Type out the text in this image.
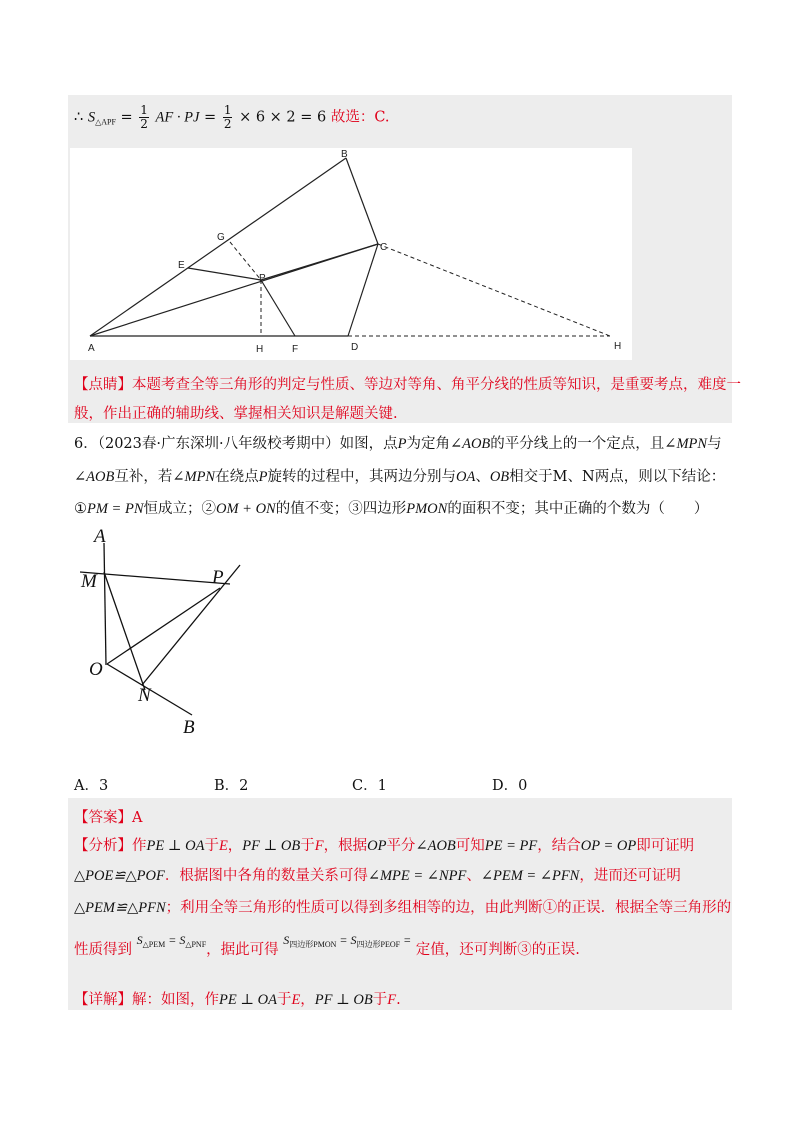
∴ $S_{\triangle APF} = \frac{1}{2}$ AF · PJ = $\frac{1}{2} \times 6 \times 2 = 6$ 故选：C.
A
B
C
D
E
F
G
H	H
P
【点睛】本题考查全等三角形的判定与性质、等边对等角、角平分线的性质等知识，是重要考点，难度一
般，作出正确的辅助线、掌握相关知识是解题关键.
6．（2023春·广东深圳·八年级校考期中）如图，点P为定角∠AOB的平分线上的一个定点，且∠MPN与
∠AOB互补，若∠MPN在绕点P旋转的过程中，其两边分别与OA、OB相交于M、N两点，则以下结论：
①PM = PN恒成立；②OM + ON的值不变；③四边形PMON的面积不变；其中正确的个数为（　　）
A
M	P
O
N
B
A．3	B．2	C．1	D．0
【答案】A
【分析】作PE ⊥ OA于E，PF ⊥ OB于F，根据OP平分∠AOB可知PE = PF，结合OP = OP即可证明
△POE≌△POF．根据图中各角的数量关系可得∠MPE = ∠NPF、∠PEM = ∠PFN，进而还可证明
△PEM≌△PFN；利用全等三角形的性质可以得到多组相等的边，由此判断①的正误．根据全等三角形的
性质得到 $^{S_{\triangle PEM} = S_{\triangle PNF}}$，据此可得 $^{S_{四边形PMON} = S_{四边形PEOF} =}$ 定值，还可判断③的正误.
【详解】解：如图，作PE ⊥ OA于E，PF ⊥ OB于F.
